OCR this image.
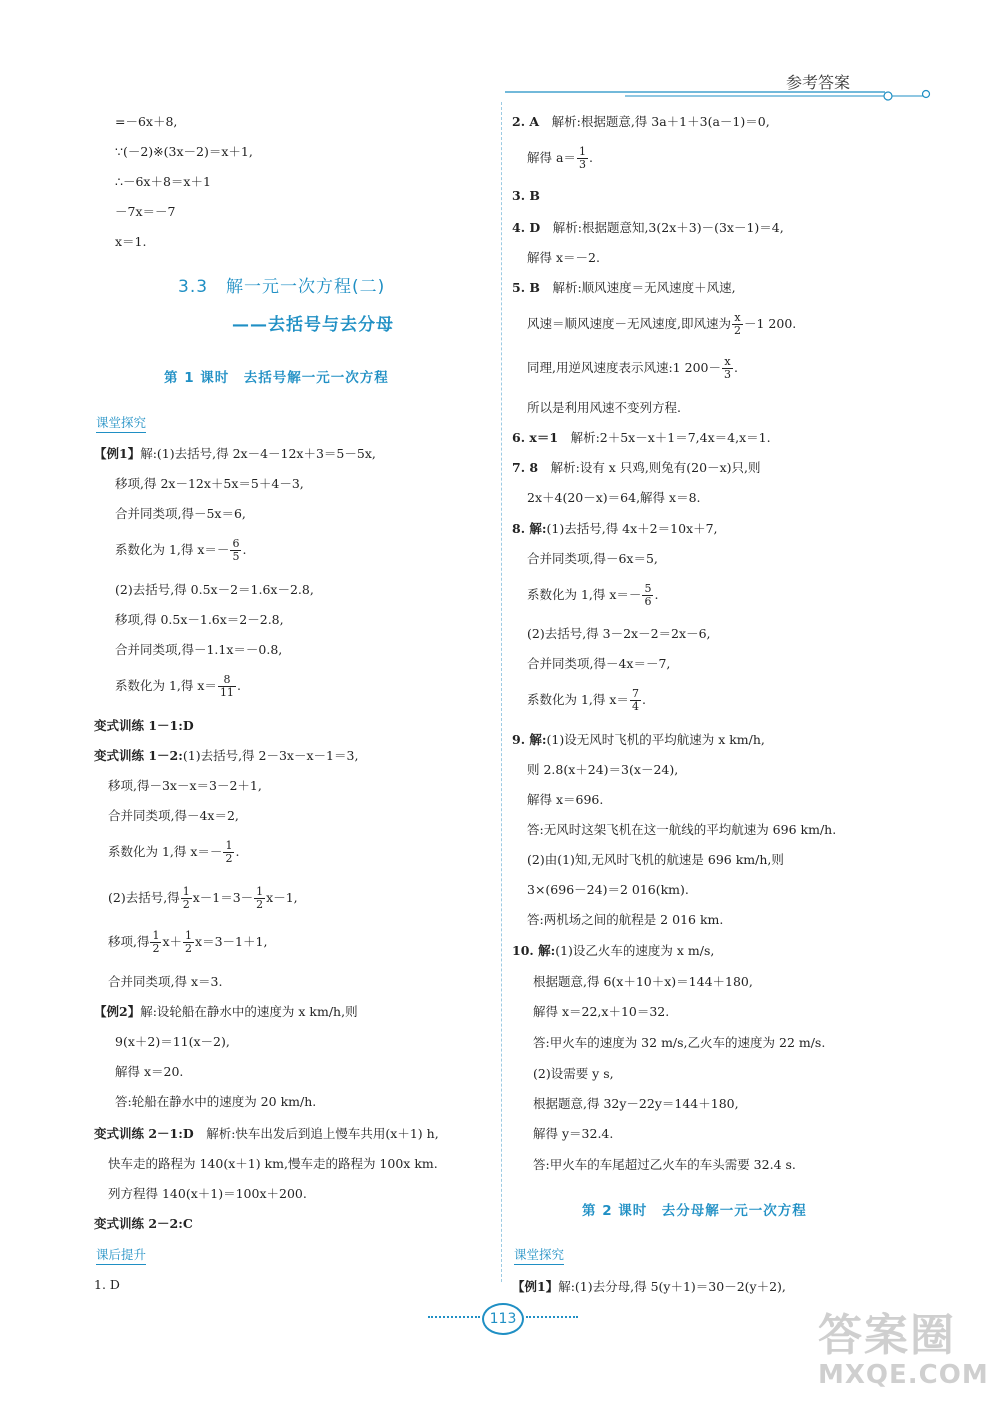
参考答案
=－6x＋8,
∵(－2)※(3x－2)＝x＋1,
∴－6x＋8＝x＋1
－7x＝－7
x＝1.
3.3　解一元一次方程(二)
——去括号与去分母
第 1 课时　去括号解一元一次方程
课堂探究
【例1】解:(1)去括号,得 2x－4－12x＋3＝5－5x,
移项,得 2x－12x＋5x＝5＋4－3,
合并同类项,得－5x＝6,
系数化为 1,得 $x=- \frac{6}{5}$ .
(2)去括号,得 0.5x－2＝1.6x－2.8,
移项,得 0.5x－1.6x＝2－2.8,
合并同类项,得－1.1x＝－0.8,
系数化为 1,得 $x= \frac{8}{11}$ .
变式训练 1－1:D
变式训练 1－2:(1)去括号,得 2－3x－x－1＝3,
移项,得－3x－x＝3－2＋1,
合并同类项,得－4x＝2,
系数化为 1,得 $x=- \frac{1}{2}$ .
(2)去括号,得 $\frac{1}{2} x-1=3- \frac{1}{2} x-1$,
移项,得 $\frac{1}{2} x+ \frac{1}{2} x=3-1+1$,
合并同类项,得 x＝3.
【例2】解:设轮船在静水中的速度为 x km/h,则
9(x＋2)＝11(x－2),
解得 x＝20.
答:轮船在静水中的速度为 20 km/h.
变式训练 2－1:D　解析:快车出发后到追上慢车共用(x＋1) h,
快车走的路程为 140(x＋1) km,慢车走的路程为 100x km.
列方程得 140(x＋1)＝100x＋200.
变式训练 2－2:C
课后提升
1. D
2. A　解析:根据题意,得 3a＋1＋3(a－1)＝0,
解得 $a= \frac{1}{3}$ .
3. B
4. D　解析:根据题意知,3(2x＋3)－(3x－1)＝4,
解得 x＝－2.
5. B　解析:顺风速度＝无风速度＋风速,
风速＝顺风速度－无风速度,即风速为 $\frac{x}{2} -1$ 200.
同理,用逆风速度表示风速:1 $200- \frac{x}{3}$ .
所以是利用风速不变列方程.
6. x＝1　解析:2＋5x－x＋1＝7,4x＝4,x＝1.
7. 8　解析:设有 x 只鸡,则兔有(20－x)只,则
2x＋4(20－x)＝64,解得 x＝8.
8. 解:(1)去括号,得 4x＋2＝10x＋7,
合并同类项,得－6x＝5,
系数化为 1,得 $x=- \frac{5}{6}$ .
(2)去括号,得 3－2x－2＝2x－6,
合并同类项,得－4x＝－7,
系数化为 1,得 $x= \frac{7}{4}$ .
9. 解:(1)设无风时飞机的平均航速为 x km/h,
则 2.8(x＋24)＝3(x－24),
解得 x＝696.
答:无风时这架飞机在这一航线的平均航速为 696 km/h.
(2)由(1)知,无风时飞机的航速是 696 km/h,则
3×(696－24)＝2 016(km).
答:两机场之间的航程是 2 016 km.
10. 解:(1)设乙火车的速度为 x m/s,
根据题意,得 6(x＋10＋x)＝144＋180,
解得 x＝22,x＋10＝32.
答:甲火车的速度为 32 m/s,乙火车的速度为 22 m/s.
(2)设需要 y s,
根据题意,得 32y－22y＝144＋180,
解得 y＝32.4.
答:甲火车的车尾超过乙火车的车头需要 32.4 s.
第 2 课时　去分母解一元一次方程
课堂探究
【例1】解:(1)去分母,得 5(y＋1)＝30－2(y＋2),
113	答案圈
MXQE.COM
